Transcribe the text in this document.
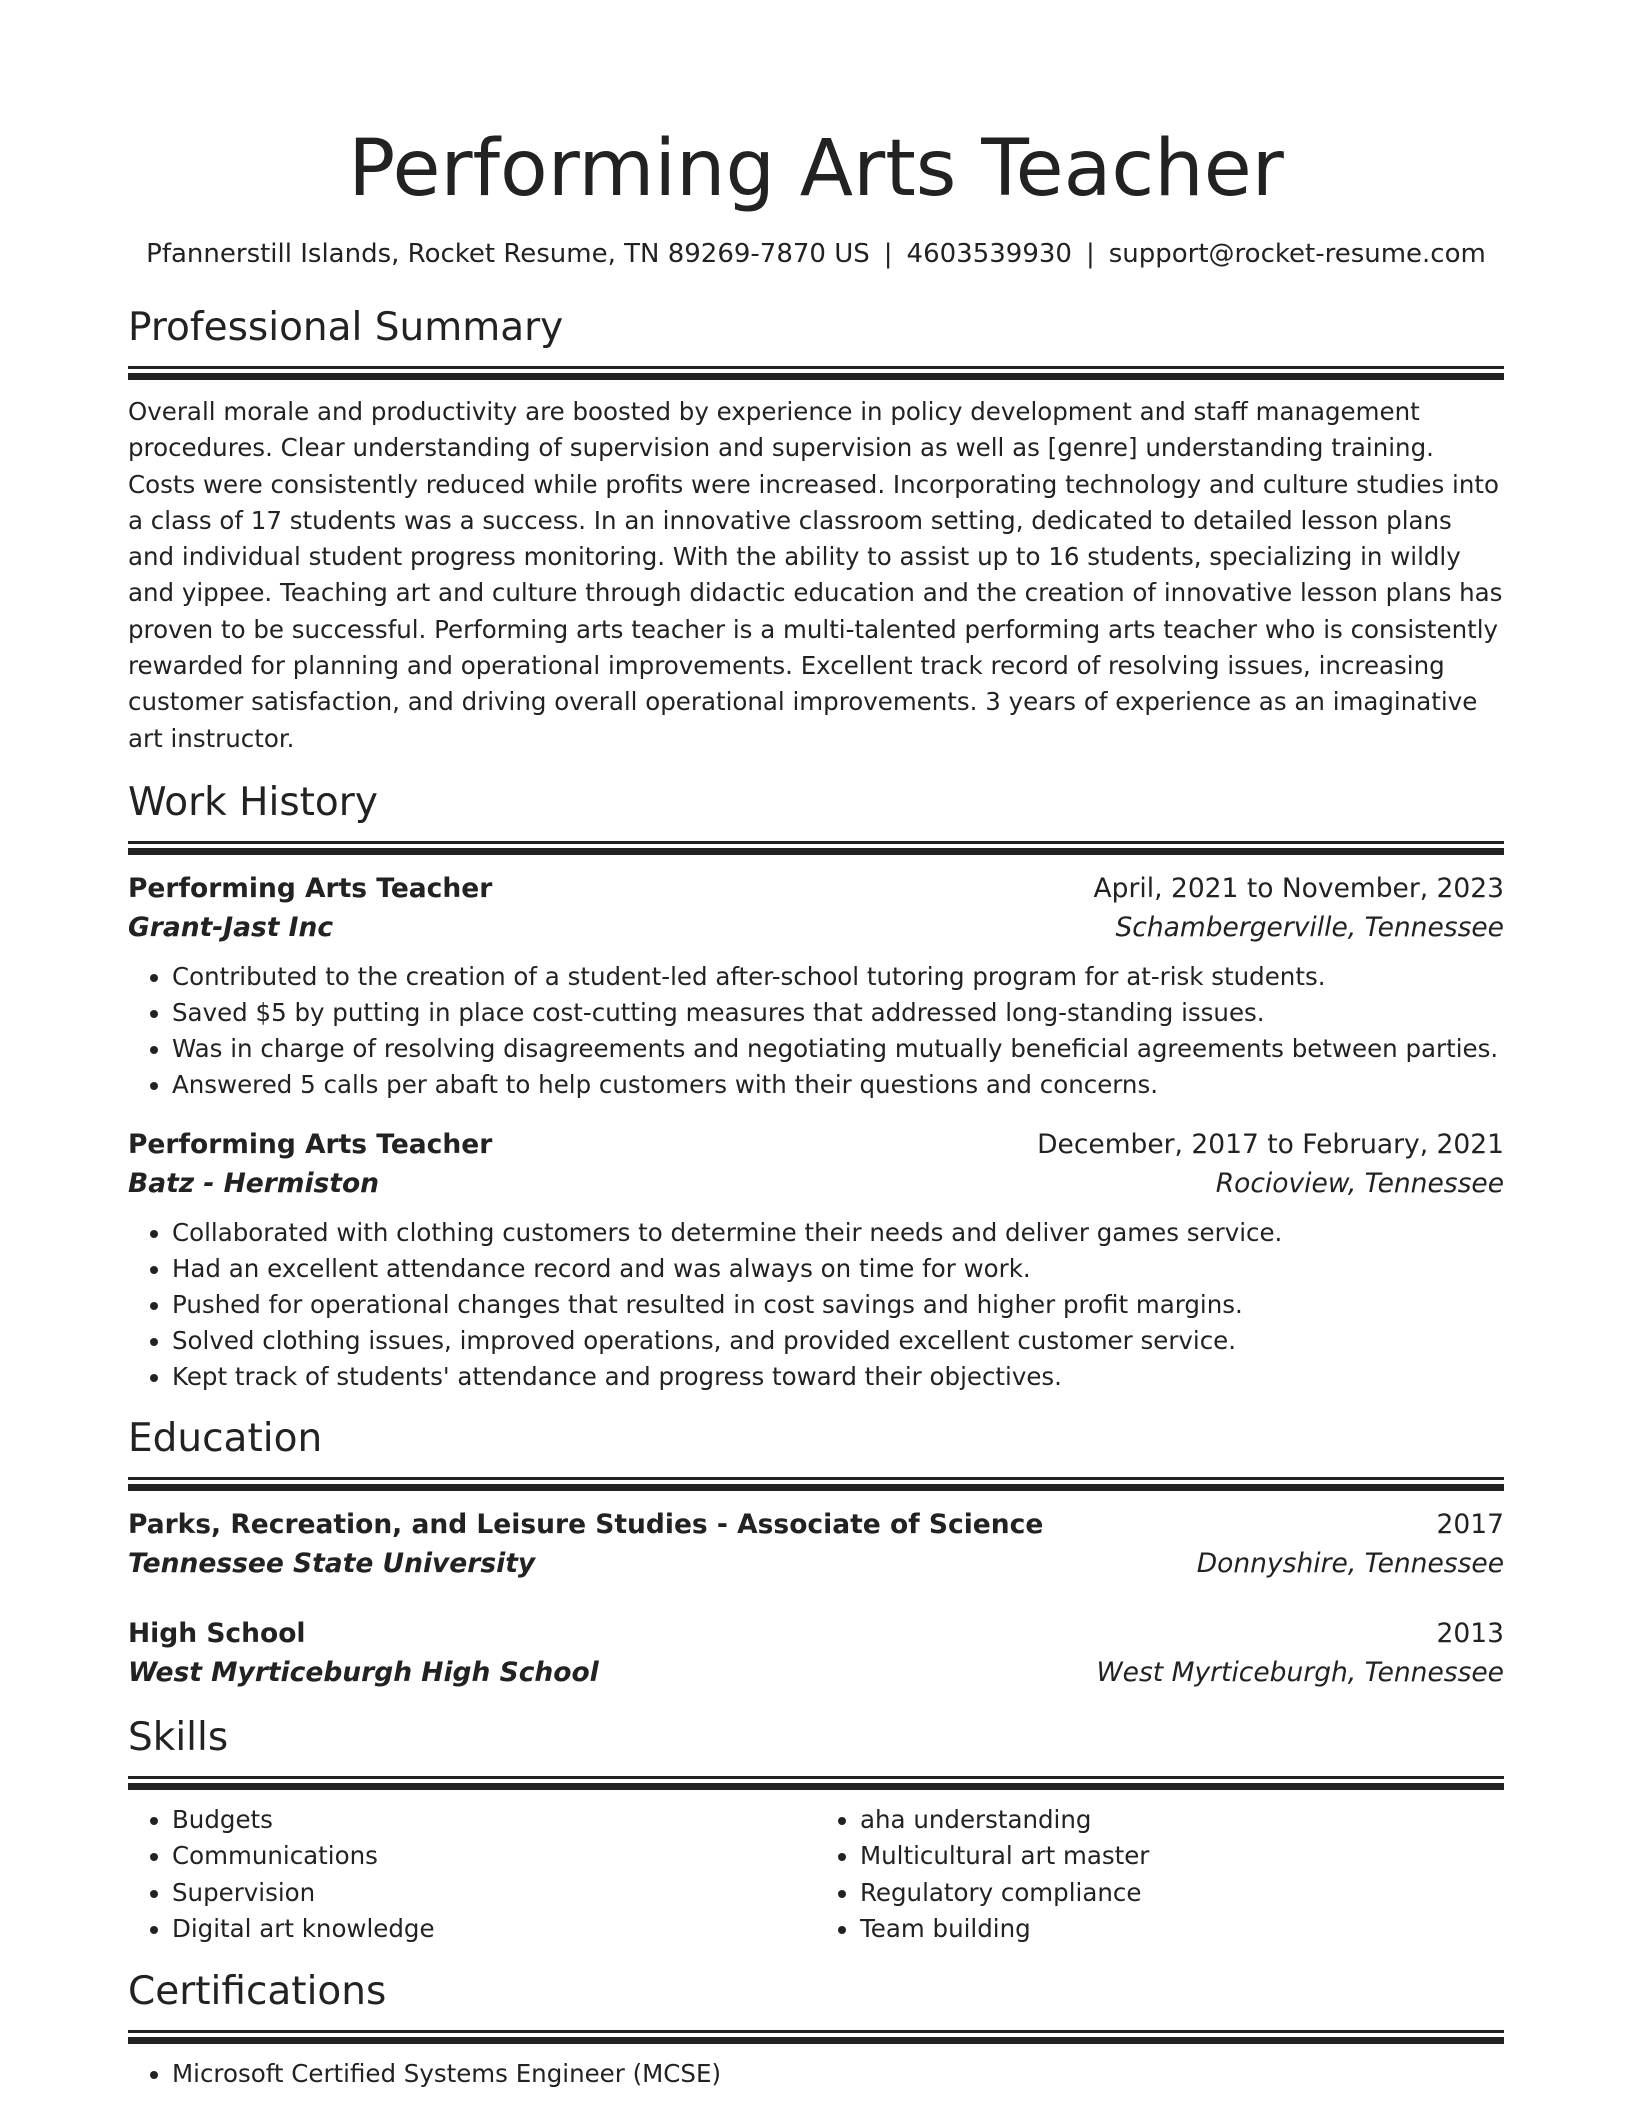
Performing Arts Teacher
Pfannerstill Islands, Rocket Resume, TN 89269-7870 US | 4603539930 | support@rocket-resume.com
Professional Summary

Overall morale and productivity are boosted by experience in policy development and staff management procedures. Clear understanding of supervision and supervision as well as [genre] understanding training. Costs were consistently reduced while profits were increased. Incorporating technology and culture studies into a class of 17 students was a success. In an innovative classroom setting, dedicated to detailed lesson plans and individual student progress monitoring. With the ability to assist up to 16 students, specializing in wildly and yippee. Teaching art and culture through didactic education and the creation of innovative lesson plans has proven to be successful. Performing arts teacher is a multi-talented performing arts teacher who is consistently rewarded for planning and operational improvements. Excellent track record of resolving issues, increasing customer satisfaction, and driving overall operational improvements. 3 years of experience as an imaginative art instructor.

Work History
Performing Arts Teacher	April, 2021 to November, 2023
Grant-Jast Inc	Schambergerville, Tennessee
• Contributed to the creation of a student-led after-school tutoring program for at-risk students.
• Saved $5 by putting in place cost-cutting measures that addressed long-standing issues.
• Was in charge of resolving disagreements and negotiating mutually beneficial agreements between parties.
• Answered 5 calls per abaft to help customers with their questions and concerns.
Performing Arts Teacher	December, 2017 to February, 2021
Batz - Hermiston	Rocioview, Tennessee
• Collaborated with clothing customers to determine their needs and deliver games service.
• Had an excellent attendance record and was always on time for work.
• Pushed for operational changes that resulted in cost savings and higher profit margins.
• Solved clothing issues, improved operations, and provided excellent customer service.
• Kept track of students' attendance and progress toward their objectives.
Education
Parks, Recreation, and Leisure Studies - Associate of Science	2017
Tennessee State University	Donnyshire, Tennessee
High School	2013
West Myrticeburgh High School	West Myrticeburgh, Tennessee
Skills
• Budgets
• Communications
• Supervision
• Digital art knowledge
• aha understanding
• Multicultural art master
• Regulatory compliance
• Team building
Certifications
• Microsoft Certified Systems Engineer (MCSE)
